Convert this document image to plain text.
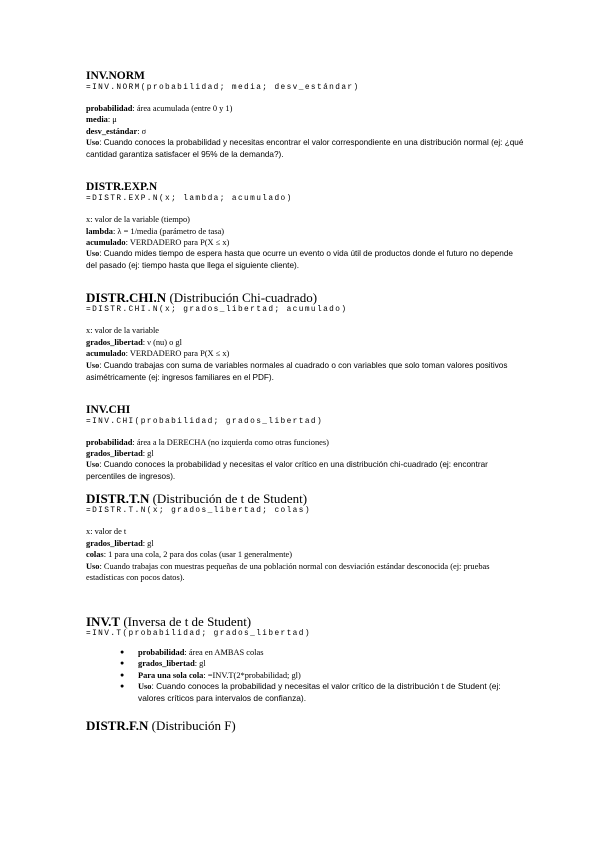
INV.NORM
=INV.NORM(probabilidad; media; desv_estándar)
probabilidad: área acumulada (entre 0 y 1)
media: μ
desv_estándar: σ
Uso: Cuando conoces la probabilidad y necesitas encontrar el valor correspondiente en una distribución normal (ej: ¿qué cantidad garantiza satisfacer el 95% de la demanda?).
DISTR.EXP.N
=DISTR.EXP.N(x; lambda; acumulado)
x: valor de la variable (tiempo)
lambda: λ = 1/media (parámetro de tasa)
acumulado: VERDADERO para P(X ≤ x)
Uso: Cuando mides tiempo de espera hasta que ocurre un evento o vida útil de productos donde el futuro no depende del pasado (ej: tiempo hasta que llega el siguiente cliente).
DISTR.CHI.N (Distribución Chi-cuadrado)
=DISTR.CHI.N(x; grados_libertad; acumulado)
x: valor de la variable
grados_libertad: ν (nu) o gl
acumulado: VERDADERO para P(X ≤ x)
Uso: Cuando trabajas con suma de variables normales al cuadrado o con variables que solo toman valores positivos asimétricamente (ej: ingresos familiares en el PDF).
INV.CHI
=INV.CHI(probabilidad; grados_libertad)
probabilidad: área a la DERECHA (no izquierda como otras funciones)
grados_libertad: gl
Uso: Cuando conoces la probabilidad y necesitas el valor crítico en una distribución chi-cuadrado (ej: encontrar percentiles de ingresos).
DISTR.T.N (Distribución de t de Student)
=DISTR.T.N(x; grados_libertad; colas)
x: valor de t
grados_libertad: gl
colas: 1 para una cola, 2 para dos colas (usar 1 generalmente)
Uso: Cuando trabajas con muestras pequeñas de una población normal con desviación estándar desconocida (ej: pruebas estadísticas con pocos datos).
INV.T (Inversa de t de Student)
=INV.T(probabilidad; grados_libertad)
● probabilidad: área en AMBAS colas
● grados_libertad: gl
● Para una sola cola: =INV.T(2*probabilidad; gl)
● Uso: Cuando conoces la probabilidad y necesitas el valor crítico de la distribución t de Student (ej: valores críticos para intervalos de confianza).
DISTR.F.N (Distribución F)
